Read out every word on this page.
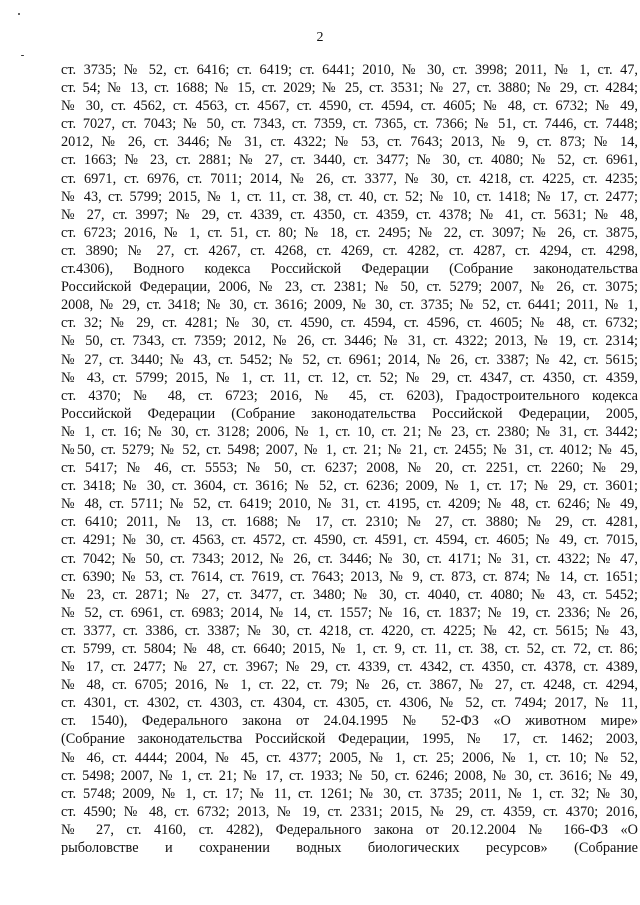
2
ст. 3735; № 52, ст. 6416; ст. 6419; ст. 6441; 2010, № 30, ст. 3998; 2011, № 1, ст. 47,
ст. 54; № 13, ст. 1688; № 15, ст. 2029; № 25, ст. 3531; № 27, ст. 3880; № 29, ст. 4284;
№ 30, ст. 4562, ст. 4563, ст. 4567, ст. 4590, ст. 4594, ст. 4605; № 48, ст. 6732; № 49,
ст. 7027, ст. 7043; № 50, ст. 7343, ст. 7359, ст. 7365, ст. 7366; № 51, ст. 7446, ст. 7448;
2012, № 26, ст. 3446; № 31, ст. 4322; № 53, ст. 7643; 2013, № 9, ст. 873; № 14,
ст. 1663; № 23, ст. 2881; № 27, ст. 3440, ст. 3477; № 30, ст. 4080; № 52, ст. 6961,
ст. 6971, ст. 6976, ст. 7011; 2014, № 26, ст. 3377, № 30, ст. 4218, ст. 4225, ст. 4235;
№ 43, ст. 5799; 2015, № 1, ст. 11, ст. 38, ст. 40, ст. 52; № 10, ст. 1418; № 17, ст. 2477;
№ 27, ст. 3997; № 29, ст. 4339, ст. 4350, ст. 4359, ст. 4378; № 41, ст. 5631; № 48,
ст. 6723; 2016, № 1, ст. 51, ст. 80; № 18, ст. 2495; № 22, ст. 3097; № 26, ст. 3875,
ст. 3890; № 27, ст. 4267, ст. 4268, ст. 4269, ст. 4282, ст. 4287, ст. 4294, ст. 4298,
ст.4306), Водного кодекса Российской Федерации (Собрание законодательства
Российской Федерации, 2006, № 23, ст. 2381; № 50, ст. 5279; 2007, № 26, ст. 3075;
2008, № 29, ст. 3418; № 30, ст. 3616; 2009, № 30, ст. 3735; № 52, ст. 6441; 2011, № 1,
ст. 32; № 29, ст. 4281; № 30, ст. 4590, ст. 4594, ст. 4596, ст. 4605; № 48, ст. 6732;
№ 50, ст. 7343, ст. 7359; 2012, № 26, ст. 3446; № 31, ст. 4322; 2013, № 19, ст. 2314;
№ 27, ст. 3440; № 43, ст. 5452; № 52, ст. 6961; 2014, № 26, ст. 3387; № 42, ст. 5615;
№ 43, ст. 5799; 2015, № 1, ст. 11, ст. 12, ст. 52; № 29, ст. 4347, ст. 4350, ст. 4359,
ст. 4370; № 48, ст. 6723; 2016, № 45, ст. 6203), Градостроительного кодекса
Российской Федерации (Собрание законодательства Российской Федерации, 2005,
№ 1, ст. 16; № 30, ст. 3128; 2006, № 1, ст. 10, ст. 21; № 23, ст. 2380; № 31, ст. 3442;
№50, ст. 5279; № 52, ст. 5498; 2007, № 1, ст. 21; № 21, ст. 2455; № 31, ст. 4012; № 45,
ст. 5417; № 46, ст. 5553; № 50, ст. 6237; 2008, № 20, ст. 2251, ст. 2260; № 29,
ст. 3418; № 30, ст. 3604, ст. 3616; № 52, ст. 6236; 2009, № 1, ст. 17; № 29, ст. 3601;
№ 48, ст. 5711; № 52, ст. 6419; 2010, № 31, ст. 4195, ст. 4209; № 48, ст. 6246; № 49,
ст. 6410; 2011, № 13, ст. 1688; № 17, ст. 2310; № 27, ст. 3880; № 29, ст. 4281,
ст. 4291; № 30, ст. 4563, ст. 4572, ст. 4590, ст. 4591, ст. 4594, ст. 4605; № 49, ст. 7015,
ст. 7042; № 50, ст. 7343; 2012, № 26, ст. 3446; № 30, ст. 4171; № 31, ст. 4322; № 47,
ст. 6390; № 53, ст. 7614, ст. 7619, ст. 7643; 2013, № 9, ст. 873, ст. 874; № 14, ст. 1651;
№ 23, ст. 2871; № 27, ст. 3477, ст. 3480; № 30, ст. 4040, ст. 4080; № 43, ст. 5452;
№ 52, ст. 6961, ст. 6983; 2014, № 14, ст. 1557; № 16, ст. 1837; № 19, ст. 2336; № 26,
ст. 3377, ст. 3386, ст. 3387; № 30, ст. 4218, ст. 4220, ст. 4225; № 42, ст. 5615; № 43,
ст. 5799, ст. 5804; № 48, ст. 6640; 2015, № 1, ст. 9, ст. 11, ст. 38, ст. 52, ст. 72, ст. 86;
№ 17, ст. 2477; № 27, ст. 3967; № 29, ст. 4339, ст. 4342, ст. 4350, ст. 4378, ст. 4389,
№ 48, ст. 6705; 2016, № 1, ст. 22, ст. 79; № 26, ст. 3867, № 27, ст. 4248, ст. 4294,
ст. 4301, ст. 4302, ст. 4303, ст. 4304, ст. 4305, ст. 4306, № 52, ст. 7494; 2017, № 11,
ст. 1540), Федерального закона от 24.04.1995 № 52-ФЗ «О животном мире»
(Собрание законодательства Российской Федерации, 1995, № 17, ст. 1462; 2003,
№ 46, ст. 4444; 2004, № 45, ст. 4377; 2005, № 1, ст. 25; 2006, № 1, ст. 10; № 52,
ст. 5498; 2007, № 1, ст. 21; № 17, ст. 1933; № 50, ст. 6246; 2008, № 30, ст. 3616; № 49,
ст. 5748; 2009, № 1, ст. 17; № 11, ст. 1261; № 30, ст. 3735; 2011, № 1, ст. 32; № 30,
ст. 4590; № 48, ст. 6732; 2013, № 19, ст. 2331; 2015, № 29, ст. 4359, ст. 4370; 2016,
№ 27, ст. 4160, ст. 4282), Федерального закона от 20.12.2004 № 166-ФЗ «О
рыболовстве и сохранении водных биологических ресурсов» (Собрание
